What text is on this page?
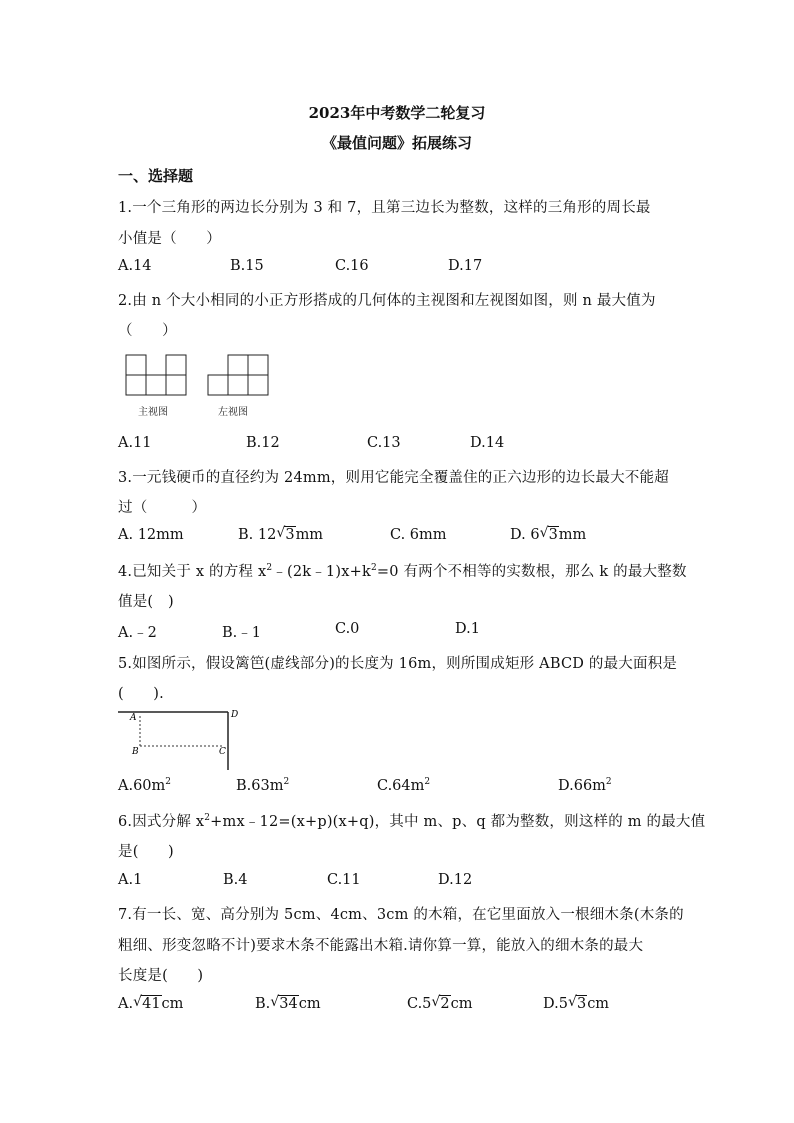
2023年中考数学二轮复习
《最值问题》拓展练习
一、选择题
1.一个三角形的两边长分别为 3 和 7，且第三边长为整数，这样的三角形的周长最
小值是（　　）
A.14	B.15	C.16	D.17
2.由 n 个大小相同的小正方形搭成的几何体的主视图和左视图如图，则 n 最大值为
（　　）
主视图	左视图
A.11	B.12	C.13	D.14
3.一元钱硬币的直径约为 24mm，则用它能完全覆盖住的正六边形的边长最大不能超
过（　　　）
A. 12mm	B. 12 √ 3mm	C. 6mm	D. 6 √ 3mm
4.已知关于 x 的方程 $x^2﹣(2k﹣1)x+k^2=0$ 有两个不相等的实数根，那么 k 的最大整数
值是(　)
A.﹣2	B.﹣1	C.0	D.1
5.如图所示，假设篱笆(虚线部分)的长度为 16m，则所围成矩形 ABCD 的最大面积是
(　　).
A
B	C
D
$A.60m^2$	$B.63m^2$	$C.64m^2$	$D.66m^2$
6.因式分解 $x^2+mx﹣12=(x+p)(x+q)$，其中 m、p、q 都为整数，则这样的 m 的最大值
是(　　)
A.1	B.4	C.11	D.12
7.有一长、宽、高分别为 5cm、4cm、3cm 的木箱，在它里面放入一根细木条(木条的
粗细、形变忽略不计)要求木条不能露出木箱.请你算一算，能放入的细木条的最大
长度是(　　)
A. √ 41cm	B. √ 34cm	C.5 √ 2cm	D.5 √ 3cm
